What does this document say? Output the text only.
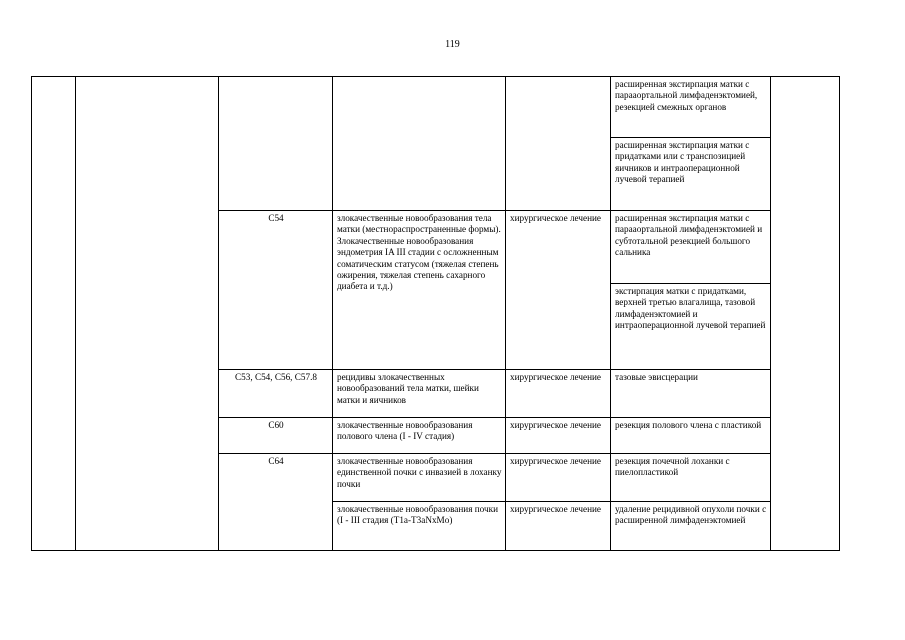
119
					расширенная экстирпация матки с парааортальной лимфаденэктомией, резекцией смежных органов	
					расширенная экстирпация матки с придатками или с транспозицией яичников и интраоперационной лучевой терапией	
		C54	злокачественные новообразования тела матки (местнораспространенные формы). Злокачественные новообразования эндометрия IA III стадии с осложненным соматическим статусом (тяжелая степень ожирения, тяжелая степень сахарного диабета и т.д.)	хирургическое лечение	расширенная экстирпация матки с парааортальной лимфаденэктомией и субтотальной резекцией большого сальника	
					экстирпация матки с придатками, верхней третью влагалища, тазовой лимфаденэктомией и интраоперационной лучевой терапией	
		C53, C54, C56, C57.8	рецидивы злокачественных новообразований тела матки, шейки матки и яичников	хирургическое лечение	тазовые эвисцерации	
		C60	злокачественные новообразования полового члена (I - IV стадия)	хирургическое лечение	резекция полового члена с пластикой	
		C64	злокачественные новообразования единственной почки с инвазией в лоханку почки	хирургическое лечение	резекция почечной лоханки с пиелопластикой	
			злокачественные новообразования почки (I - III стадия (T1a-T3aNxMo)	хирургическое лечение	удаление рецидивной опухоли почки с расширенной лимфаденэктомией	
